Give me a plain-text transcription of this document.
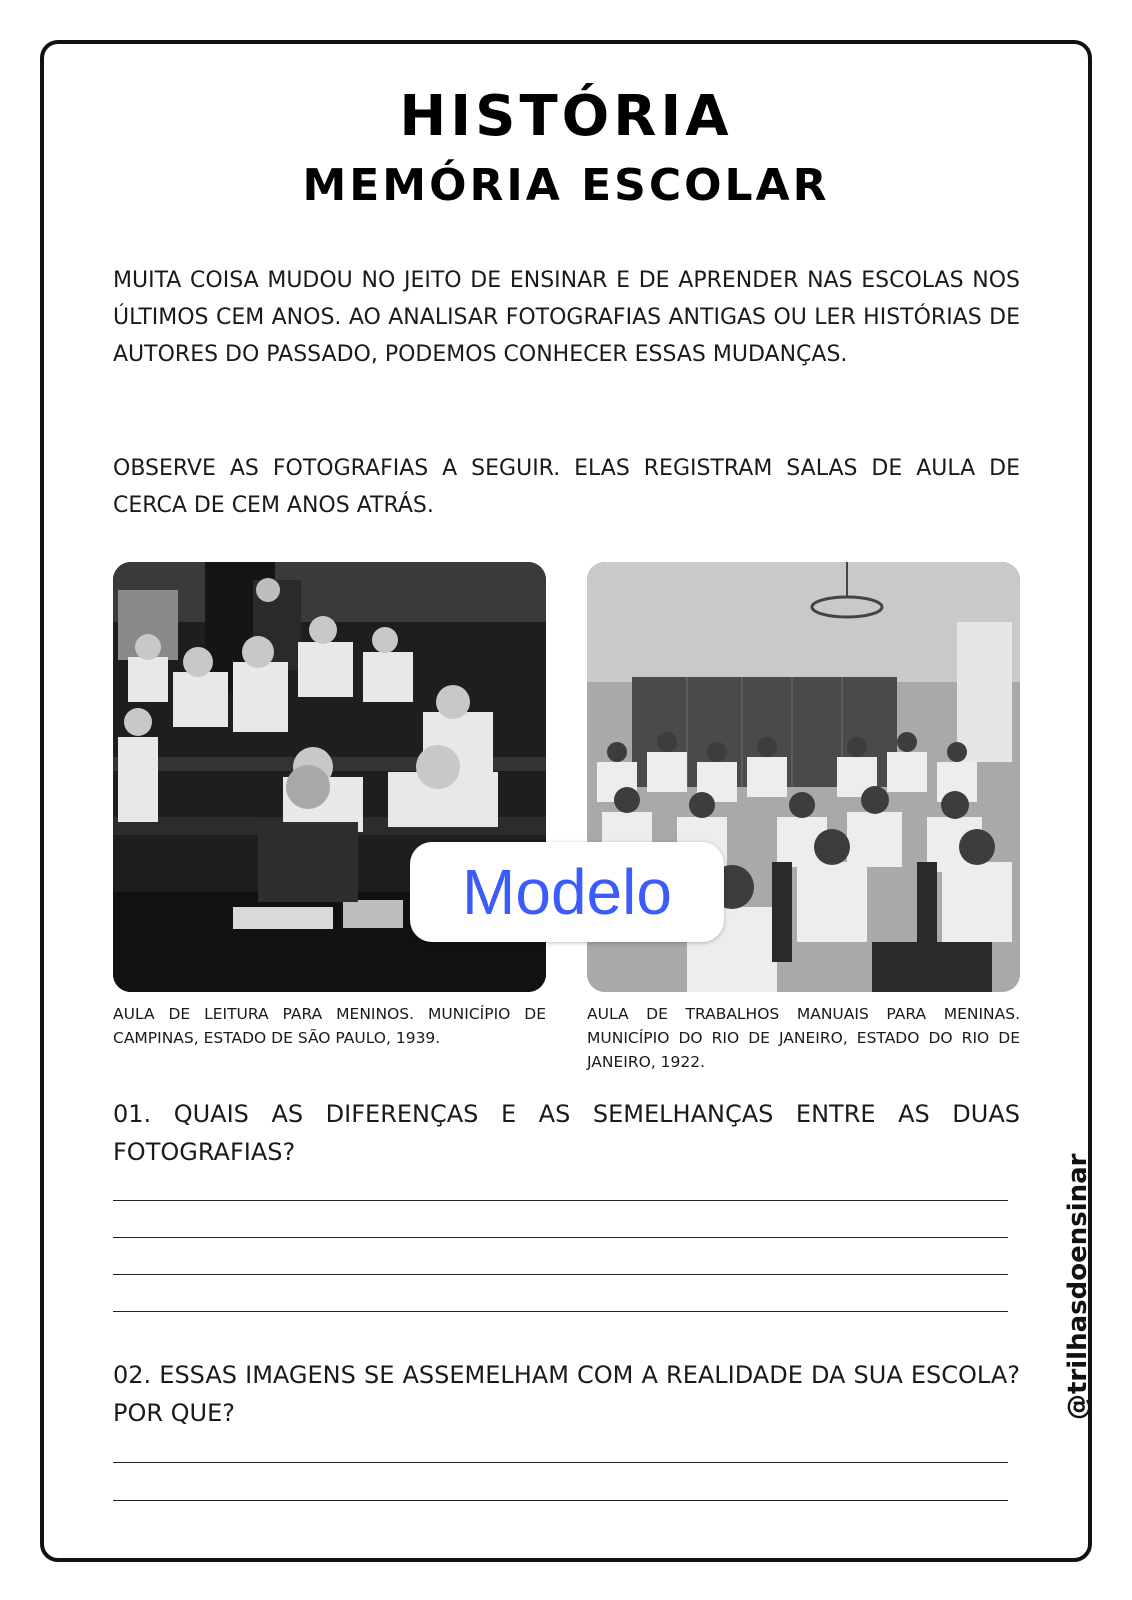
HISTÓRIA
MEMÓRIA ESCOLAR

MUITA COISA MUDOU NO JEITO DE ENSINAR E DE APRENDER NAS ESCOLAS NOS ÚLTIMOS CEM ANOS. AO ANALISAR FOTOGRAFIAS ANTIGAS OU LER HISTÓRIAS DE AUTORES DO PASSADO, PODEMOS CONHECER ESSAS MUDANÇAS.

OBSERVE AS FOTOGRAFIAS A SEGUIR. ELAS REGISTRAM SALAS DE AULA DE CERCA DE CEM ANOS ATRÁS.

AULA DE LEITURA PARA MENINOS. MUNICÍPIO DE CAMPINAS, ESTADO DE SÃO PAULO, 1939.

AULA DE TRABALHOS MANUAIS PARA MENINAS. MUNICÍPIO DO RIO DE JANEIRO, ESTADO DO RIO DE JANEIRO, 1922.

Modelo

01. QUAIS AS DIFERENÇAS E AS SEMELHANÇAS ENTRE AS DUAS FOTOGRAFIAS?

02. ESSAS IMAGENS SE ASSEMELHAM COM A REALIDADE DA SUA ESCOLA? POR QUE?	@trilhasdoensinar
